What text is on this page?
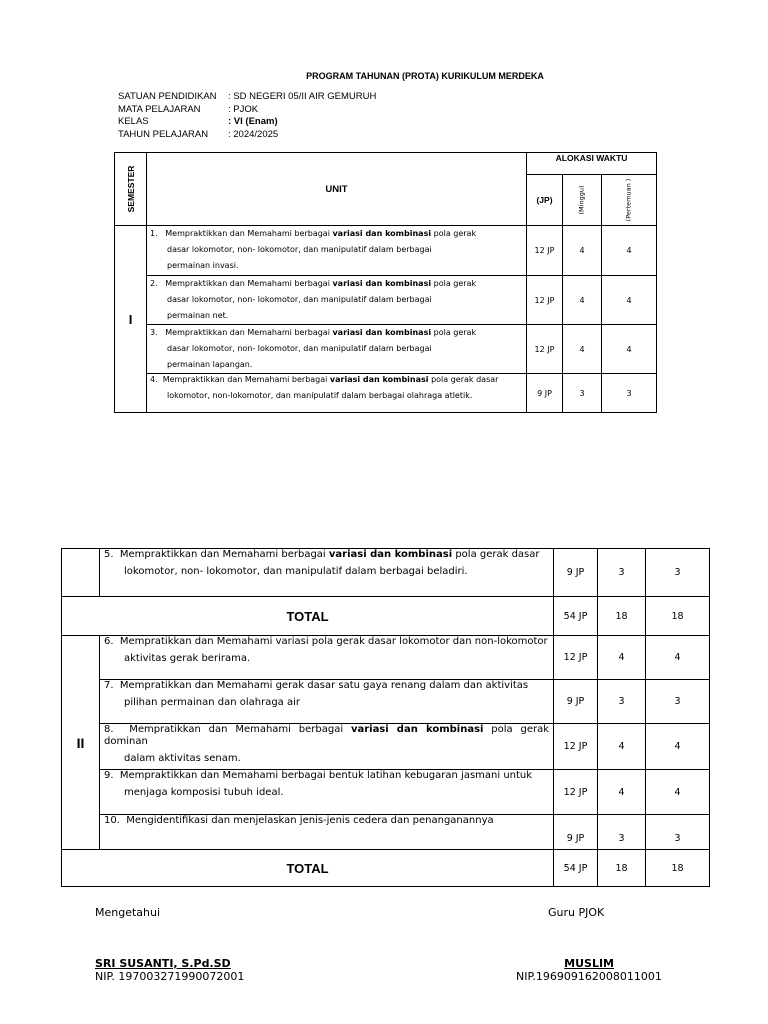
PROGRAM TAHUNAN (PROTA) KURIKULUM MERDEKA
SATUAN PENDIDIKAN	: SD NEGERI 05/II AIR GEMURUH
MATA PELAJARAN	: PJOK
KELAS	: VI (Enam)
TAHUN PELAJARAN	: 2024/2025
SEMESTER	UNIT	ALOKASI WAKTU		
		(JP)	(Minggu)	(Pertemuan )

I	1. Mempraktikkan dan Memahami berbagai variasi dan kombinasi pola gerak
dasar lokomotor, non- lokomotor, dan manipulatif dalam berbagai
permainan invasi.	12 JP	4	4

	2. Mempraktikkan dan Memahami berbagai variasi dan kombinasi pola gerak
dasar lokomotor, non- lokomotor, dan manipulatif dalam berbagai
permainan net.	12 JP	4	4

	3. Mempraktikkan dan Memahami berbagai variasi dan kombinasi pola gerak
dasar lokomotor, non- lokomotor, dan manipulatif dalam berbagai
permainan lapangan.	12 JP	4	4

	4. Mempraktikkan dan Memahami berbagai variasi dan kombinasi pola gerak dasar
lokomotor, non-lokomotor, dan manipulatif dalam berbagai olahraga atletik.	9 JP	3	3

	5. Mempraktikkan dan Memahami berbagai variasi dan kombinasi pola gerak dasar
lokomotor, non- lokomotor, dan manipulatif dalam berbagai beladiri.	9 JP	3	3
TOTAL		54 JP	18	18
II	6. Mempratikkan dan Memahami variasi pola gerak dasar lokomotor dan non-lokomotor
aktivitas gerak berirama.	12 JP	4	4

	7. Mempratikkan dan Memahami gerak dasar satu gaya renang dalam dan aktivitas
pilihan permainan dan olahraga air	9 JP	3	3

	8. Mempratikkan dan Memahami berbagai variasi dan kombinasi pola gerak dominan
dalam aktivitas senam.	12 JP	4	4

	9. Mempraktikkan dan Memahami berbagai bentuk latihan kebugaran jasmani untuk
menjaga komposisi tubuh ideal.	12 JP	4	4

	10. Mengidentifikasi dan menjelaskan jenis-jenis cedera dan penanganannya	9 JP	3	3
TOTAL		54 JP	18	18
Mengetahui	Guru PJOK
SRI SUSANTI, S.Pd.SD
NIP. 197003271990072001
MUSLIM
NIP.196909162008011001
